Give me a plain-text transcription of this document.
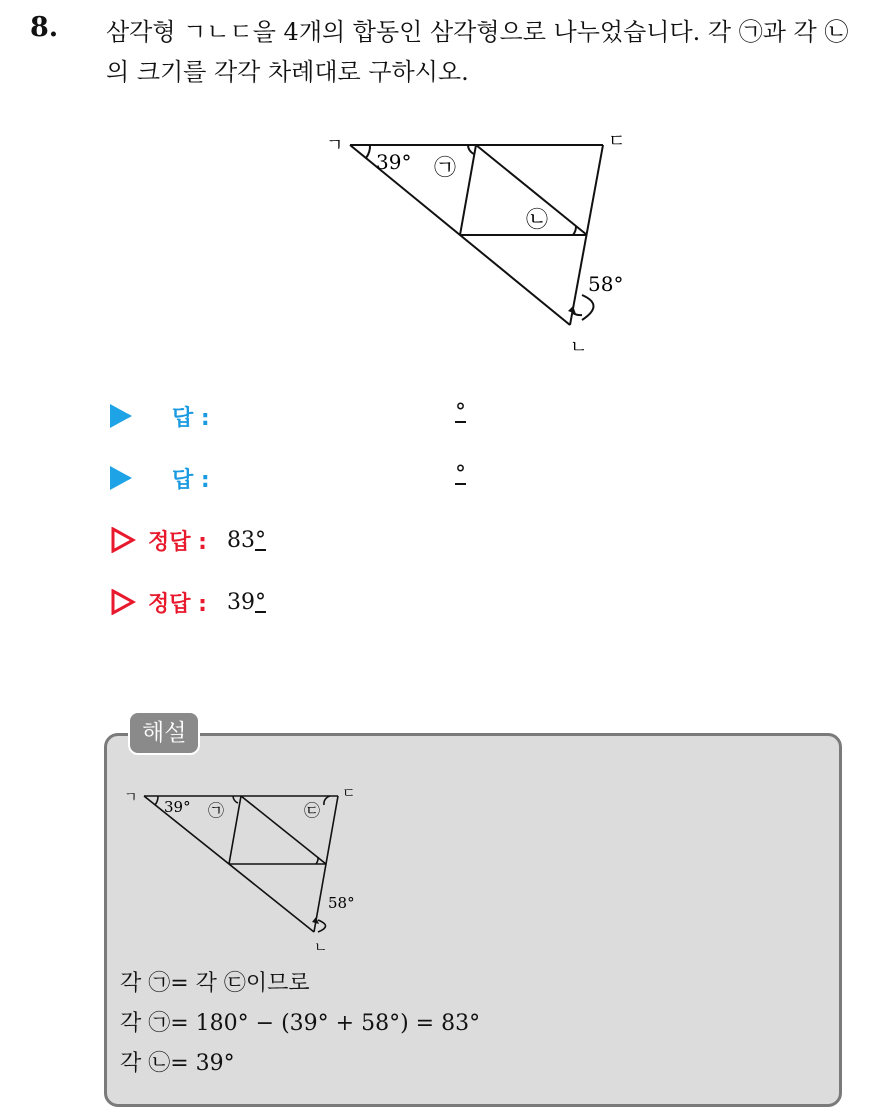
8. 삼각형 ㄱㄴㄷ을 4개의 합동인 삼각형으로 나누었습니다. 각 ㉠과 각 ㉡의 크기를 각각 차례대로 구하시오.
ㄱ	ㄷ
ㄴ
39°
58°
㉠
㉡
답 :	°
답 :	°
정답 : 83°
정답 : 39°
해설
ㄱ	ㄷ
ㄴ
39°
58°
㉠	㉢
각 ㉠= 각 ㉢이므로
각 ㉠= 180° − (39° + 58°) = 83°
각 ㉡= 39°
